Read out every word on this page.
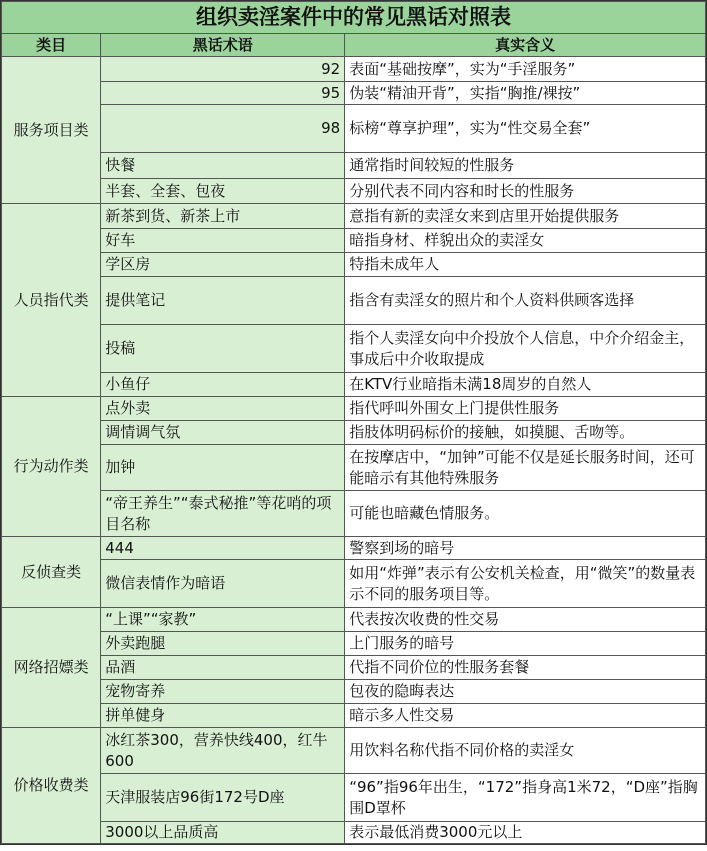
组织卖淫案件中的常见黑话对照表		
类目	黑话术语	真实含义
服务项目类	92	表面“基础按摩”，实为“手淫服务”
	95	伪装“精油开背”，实指“胸推/裸按”
	98	标榜“尊享护理”，实为“性交易全套”
	快餐	通常指时间较短的性服务
	半套、全套、包夜	分别代表不同内容和时长的性服务
人员指代类	新茶到货、新茶上市	意指有新的卖淫女来到店里开始提供服务
	好车	暗指身材、样貌出众的卖淫女
	学区房	特指未成年人
	提供笔记	指含有卖淫女的照片和个人资料供顾客选择
	投稿	指个人卖淫女向中介投放个人信息，中介介绍金主，事成后中介收取提成
	小鱼仔	在KTV行业暗指未满18周岁的自然人
行为动作类	点外卖	指代呼叫外围女上门提供性服务
	调情调气氛	指肢体明码标价的接触，如摸腿、舌吻等。
	加钟	在按摩店中，“加钟”可能不仅是延长服务时间，还可能暗示有其他特殊服务
	“帝王养生”“泰式秘推”等花哨的项目名称	可能也暗藏色情服务。
反侦查类	444	警察到场的暗号
	微信表情作为暗语	如用“炸弹”表示有公安机关检查，用“微笑”的数量表示不同的服务项目等。
网络招嫖类	“上课”“家教”	代表按次收费的性交易
	外卖跑腿	上门服务的暗号
	品酒	代指不同价位的性服务套餐
	宠物寄养	包夜的隐晦表达
	拼单健身	暗示多人性交易
价格收费类	冰红茶300，营养快线400，红牛600	用饮料名称代指不同价格的卖淫女
	天津服装店96街172号D座	“96”指96年出生，“172”指身高1米72，“D座”指胸围D罩杯
	3000以上品质高	表示最低消费3000元以上
